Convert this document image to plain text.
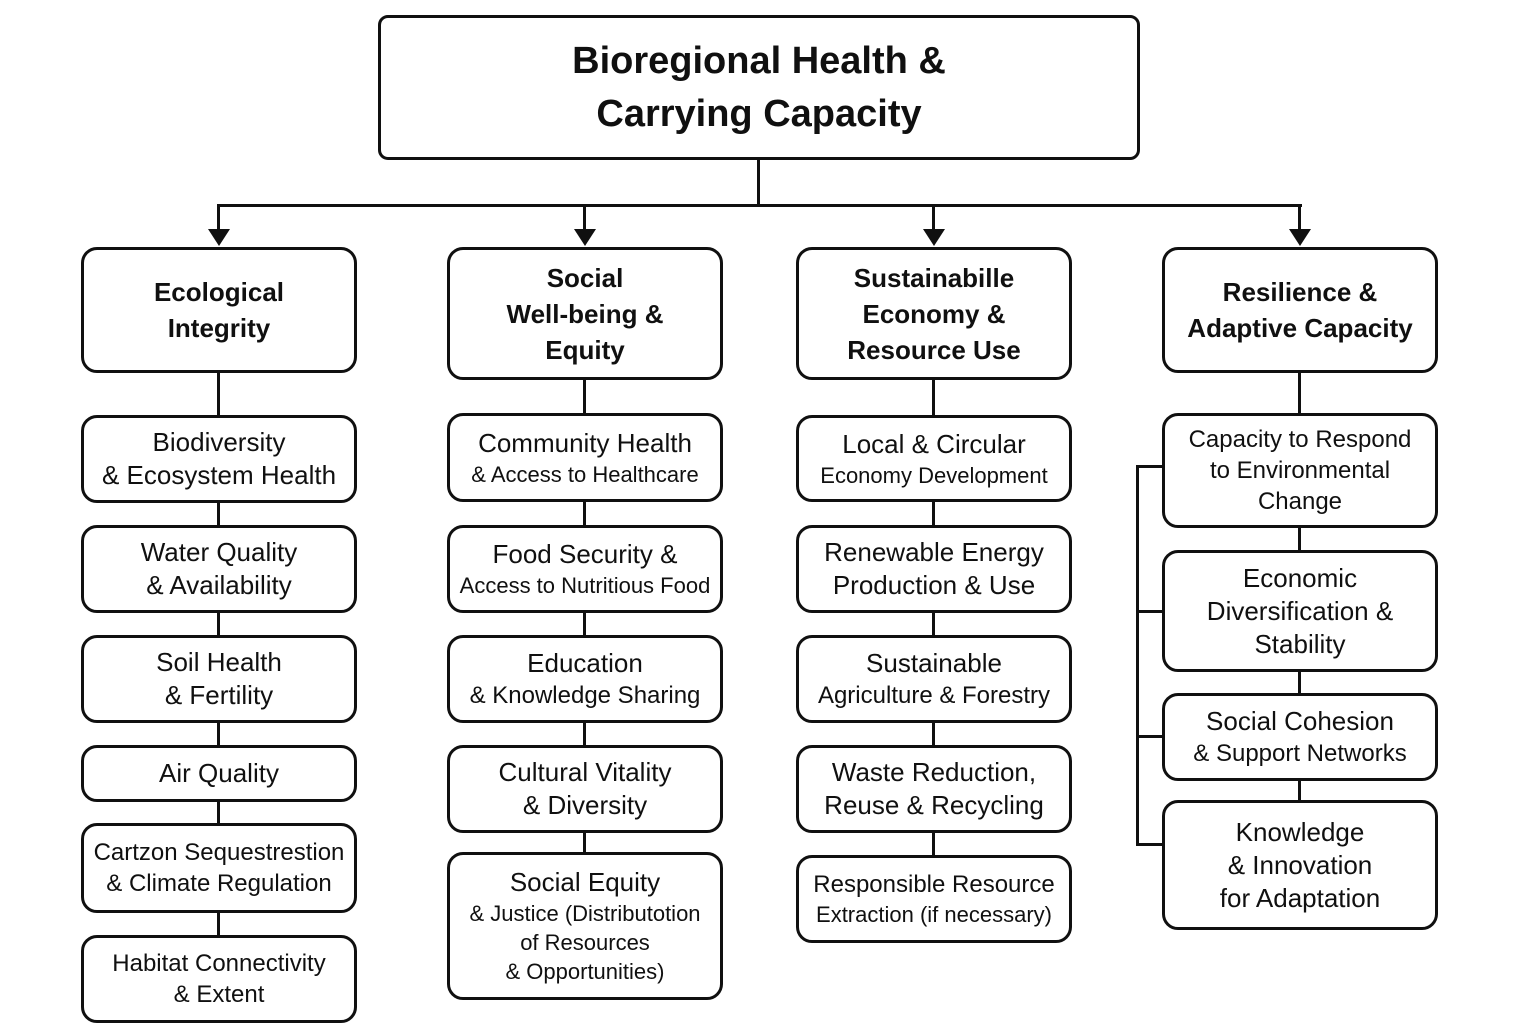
Bioregional Health &
Carrying Capacity
Ecological
Integrity
Biodiversity
& Ecosystem Health
Water Quality
& Availability
Soil Health
& Fertility
Air Quality
Cartzon Sequestrestion
& Climate Regulation
Habitat Connectivity
& Extent
Social
Well-being &
Equity
Community Health
& Access to Healthcare
Food Security &
Access to Nutritious Food
Education
& Knowledge Sharing
Cultural Vitality
& Diversity
Social Equity
& Justice (Distributotion
of Resources
& Opportunities)
Sustainabille
Economy &
Resource Use
Local & Circular
Economy Development
Renewable Energy
Production & Use
Sustainable
Agriculture & Forestry
Waste Reduction,
Reuse & Recycling
Responsible Resource
Extraction (if necessary)
Resilience &
Adaptive Capacity
Capacity to Respond
to Environmental
Change
Economic
Diversification &
Stability
Social Cohesion
& Support Networks
Knowledge
& Innovation
for Adaptation
